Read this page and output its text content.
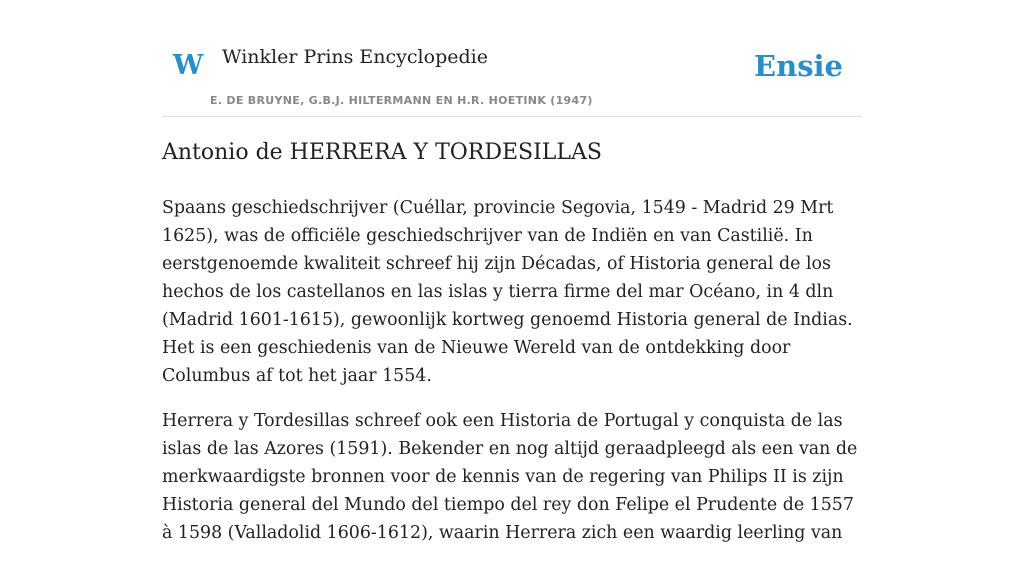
W Winkler Prins Encyclopedie
E. DE BRUYNE, G.B.J. HILTERMANN EN H.R. HOETINK (1947)
Ensie
Antonio de HERRERA Y TORDESILLAS

Spaans geschiedschrijver (Cuéllar, provincie Segovia, 1549 - Madrid 29 Mrt 1625), was de officiële geschiedschrijver van de Indiën en van Castilië. In eerstgenoemde kwaliteit schreef hij zijn Décadas, of Historia general de los hechos de los castellanos en las islas y tierra firme del mar Océano, in 4 dln (Madrid 1601-1615), gewoonlijk kortweg genoemd Historia general de Indias. Het is een geschiedenis van de Nieuwe Wereld van de ontdekking door Columbus af tot het jaar 1554.

Herrera y Tordesillas schreef ook een Historia de Portugal y conquista de las islas de las Azores (1591). Bekender en nog altijd geraadpleegd als een van de merkwaardigste bronnen voor de kennis van de regering van Philips II is zijn Historia general del Mundo del tiempo del rey don Felipe el Prudente de 1557 à 1598 (Valladolid 1606-1612), waarin Herrera zich een waardig leerling van
